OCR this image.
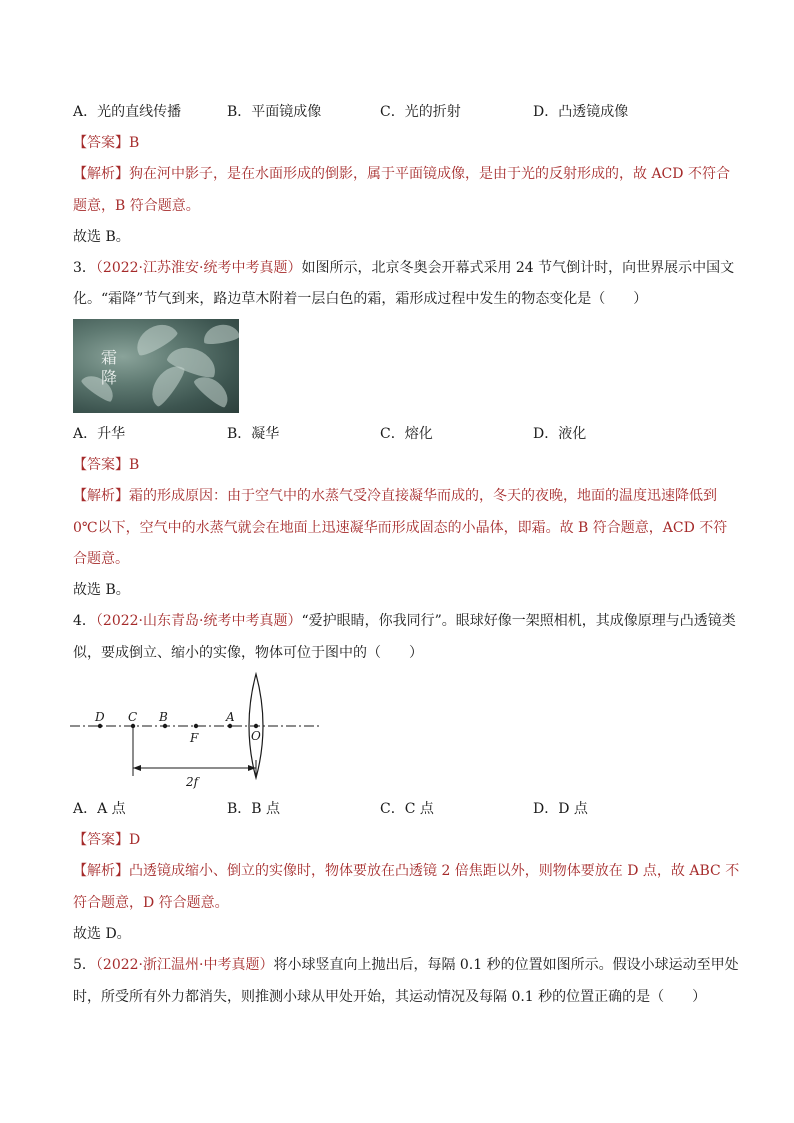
A．光的直线传播	B．平面镜成像	C．光的折射	D．凸透镜成像
【答案】B
【解析】狗在河中影子，是在水面形成的倒影，属于平面镜成像，是由于光的反射形成的，故 ACD 不符合
题意，B 符合题意。
故选 B。
3．（2022·江苏淮安·统考中考真题）如图所示，北京冬奥会开幕式采用 24 节气倒计时，向世界展示中国文
化。“霜降”节气到来，路边草木附着一层白色的霜，霜形成过程中发生的物态变化是（　　）
霜
降
A．升华	B．凝华	C．熔化	D．液化
【答案】B
【解析】霜的形成原因：由于空气中的水蒸气受冷直接凝华而成的，冬天的夜晚，地面的温度迅速降低到
0℃以下，空气中的水蒸气就会在地面上迅速凝华而形成固态的小晶体，即霜。故 B 符合题意，ACD 不符
合题意。
故选 B。
4．（2022·山东青岛·统考中考真题）“爱护眼睛，你我同行”。眼球好像一架照相机，其成像原理与凸透镜类
似，要成倒立、缩小的实像，物体可位于图中的（　　）
D C B	A
O
F
2f
A．A 点	B．B 点	C．C 点	D．D 点
【答案】D
【解析】凸透镜成缩小、倒立的实像时，物体要放在凸透镜 2 倍焦距以外，则物体要放在 D 点，故 ABC 不
符合题意，D 符合题意。
故选 D。
5．（2022·浙江温州·中考真题）将小球竖直向上抛出后，每隔 0.1 秒的位置如图所示。假设小球运动至甲处
时，所受所有外力都消失，则推测小球从甲处开始，其运动情况及每隔 0.1 秒的位置正确的是（　　）
